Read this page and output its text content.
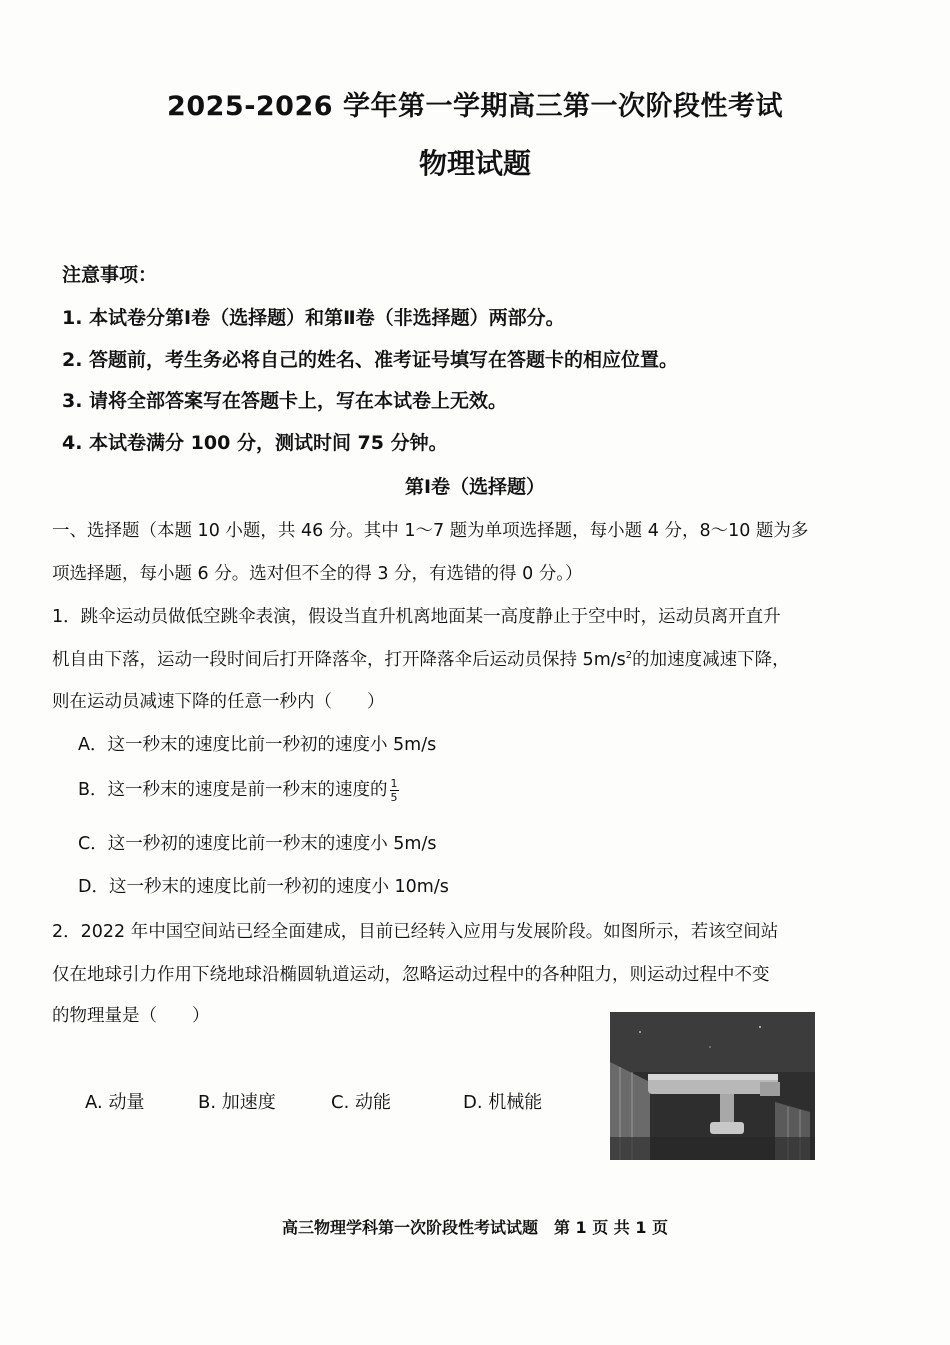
2025-2026 学年第一学期高三第一次阶段性考试
物理试题
注意事项：
1. 本试卷分第Ⅰ卷（选择题）和第Ⅱ卷（非选择题）两部分。
2. 答题前，考生务必将自己的姓名、准考证号填写在答题卡的相应位置。
3. 请将全部答案写在答题卡上，写在本试卷上无效。
4. 本试卷满分 100 分，测试时间 75 分钟。
第Ⅰ卷（选择题）
一、选择题（本题 10 小题，共 46 分。其中 1～7 题为单项选择题，每小题 4 分，8～10 题为多
项选择题，每小题 6 分。选对但不全的得 3 分，有选错的得 0 分。）
1．跳伞运动员做低空跳伞表演，假设当直升机离地面某一高度静止于空中时，运动员离开直升
机自由下落，运动一段时间后打开降落伞，打开降落伞后运动员保持 $5m/s^2$的加速度减速下降，
则在运动员减速下降的任意一秒内（　　）
A．这一秒末的速度比前一秒初的速度小 5m/s
B．这一秒末的速度是前一秒末的速度的 $\frac{1}{5}$
C．这一秒初的速度比前一秒末的速度小 5m/s
D．这一秒末的速度比前一秒初的速度小 10m/s
2．2022 年中国空间站已经全面建成，目前已经转入应用与发展阶段。如图所示，若该空间站
仅在地球引力作用下绕地球沿椭圆轨道运动，忽略运动过程中的各种阻力，则运动过程中不变
的物理量是（　　）
A. 动量	B. 加速度	C. 动能	D. 机械能
高三物理学科第一次阶段性考试试题　第 1 页 共 1 页
